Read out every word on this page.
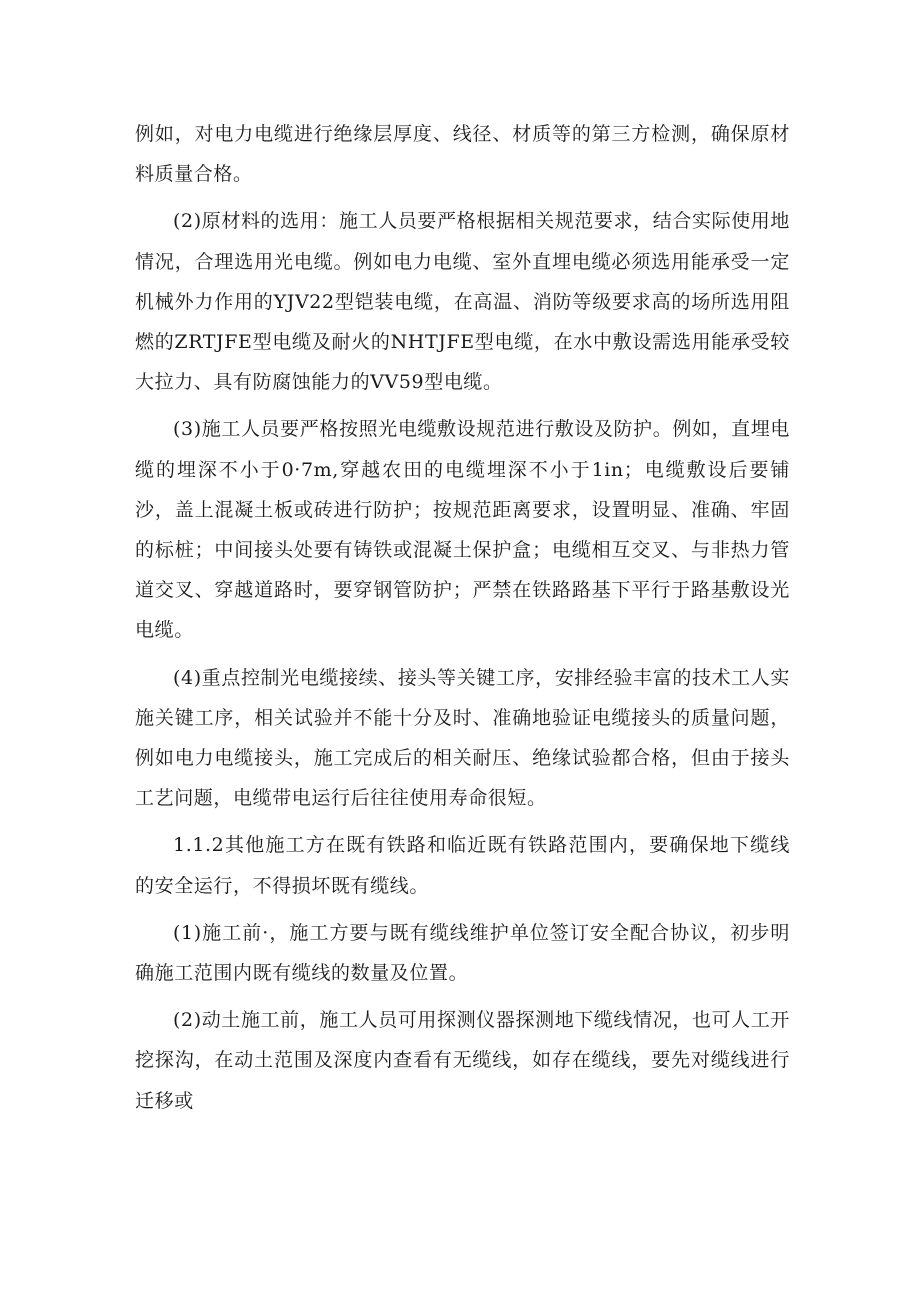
例如，对电力电缆进行绝缘层厚度、线径、材质等的第三方检测，确保原材料质量合格。

(2)原材料的选用：施工人员要严格根据相关规范要求，结合实际使用地情况，合理选用光电缆。例如电力电缆、室外直埋电缆必须选用能承受一定机械外力作用的YJV22型铠装电缆，在高温、消防等级要求高的场所选用阻燃的ZRTJFE型电缆及耐火的NHTJFE型电缆，在水中敷设需选用能承受较大拉力、具有防腐蚀能力的VV59型电缆。

(3)施工人员要严格按照光电缆敷设规范进行敷设及防护。例如，直埋电缆的埋深不小于0·7m,穿越农田的电缆埋深不小于1in；电缆敷设后要铺沙，盖上混凝土板或砖进行防护；按规范距离要求，设置明显、准确、牢固的标桩；中间接头处要有铸铁或混凝土保护盒；电缆相互交叉、与非热力管道交叉、穿越道路时，要穿钢管防护；严禁在铁路路基下平行于路基敷设光电缆。

(4)重点控制光电缆接续、接头等关键工序，安排经验丰富的技术工人实施关键工序，相关试验并不能十分及时、准确地验证电缆接头的质量问题，例如电力电缆接头，施工完成后的相关耐压、绝缘试验都合格，但由于接头工艺问题，电缆带电运行后往往使用寿命很短。

1.1.2其他施工方在既有铁路和临近既有铁路范围内，要确保地下缆线的安全运行，不得损坏既有缆线。

(1)施工前·，施工方要与既有缆线维护单位签订安全配合协议，初步明确施工范围内既有缆线的数量及位置。

(2)动土施工前，施工人员可用探测仪器探测地下缆线情况，也可人工开挖探沟，在动土范围及深度内查看有无缆线，如存在缆线，要先对缆线进行迁移或
